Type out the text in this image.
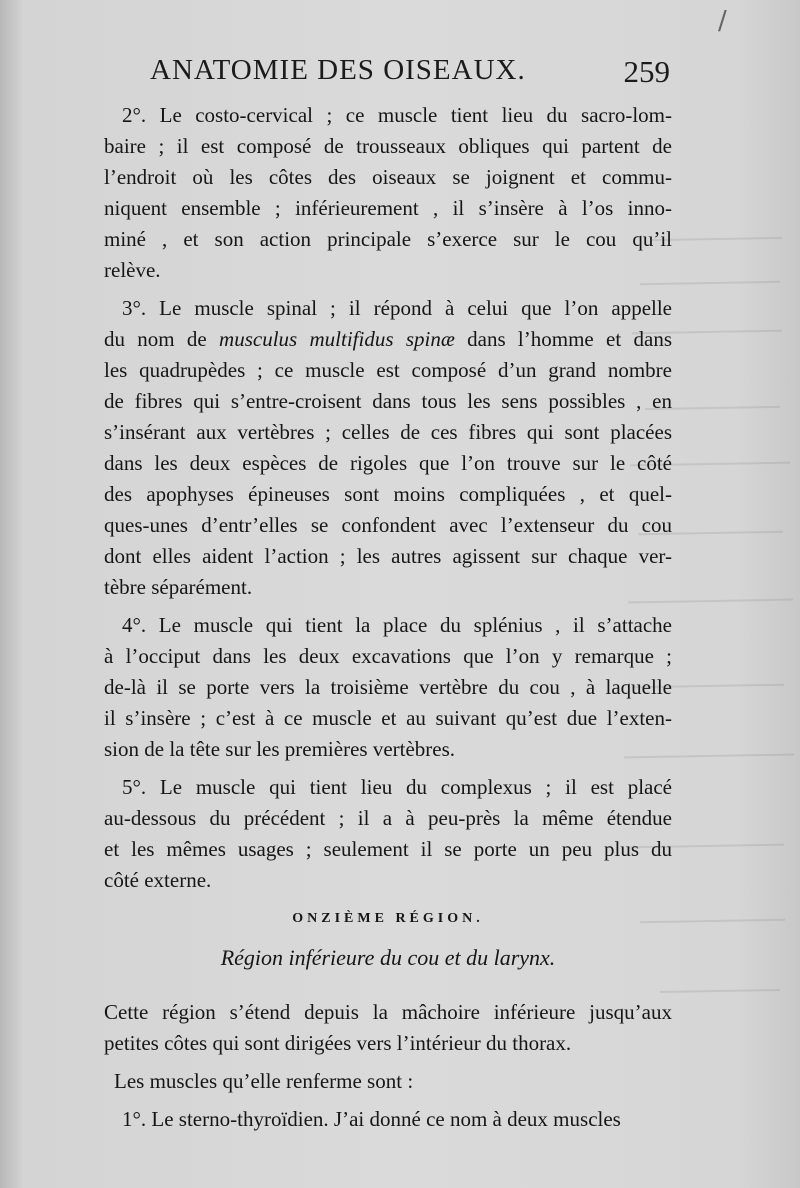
/
ANATOMIE DES OISEAUX.	259
2°. Le costo-cervical ; ce muscle tient lieu du sacro-lom-
baire ; il est composé de trousseaux obliques qui partent de
l’endroit où les côtes des oiseaux se joignent et commu-
niquent ensemble ; inférieurement , il s’insère à l’os inno-
miné , et son action principale s’exerce sur le cou qu’il
relève.
3°. Le muscle spinal ; il répond à celui que l’on appelle
du nom de musculus multifidus spinæ dans l’homme et dans
les quadrupèdes ; ce muscle est composé d’un grand nombre
de fibres qui s’entre-croisent dans tous les sens possibles , en
s’insérant aux vertèbres ; celles de ces fibres qui sont placées
dans les deux espèces de rigoles que l’on trouve sur le côté
des apophyses épineuses sont moins compliquées , et quel-
ques-unes d’entr’elles se confondent avec l’extenseur du cou
dont elles aident l’action ; les autres agissent sur chaque ver-
tèbre séparément.
4°. Le muscle qui tient la place du splénius , il s’attache
à l’occiput dans les deux excavations que l’on y remarque ;
de-là il se porte vers la troisième vertèbre du cou , à laquelle
il s’insère ; c’est à ce muscle et au suivant qu’est due l’exten-
sion de la tête sur les premières vertèbres.
5°. Le muscle qui tient lieu du complexus ; il est placé
au-dessous du précédent ; il a à peu-près la même étendue
et les mêmes usages ; seulement il se porte un peu plus du
côté externe.
ONZIÈME RÉGION.
Région inférieure du cou et du larynx.
Cette région s’étend depuis la mâchoire inférieure jusqu’aux
petites côtes qui sont dirigées vers l’intérieur du thorax.
Les muscles qu’elle renferme sont :
1°. Le sterno-thyroïdien. J’ai donné ce nom à deux muscles
